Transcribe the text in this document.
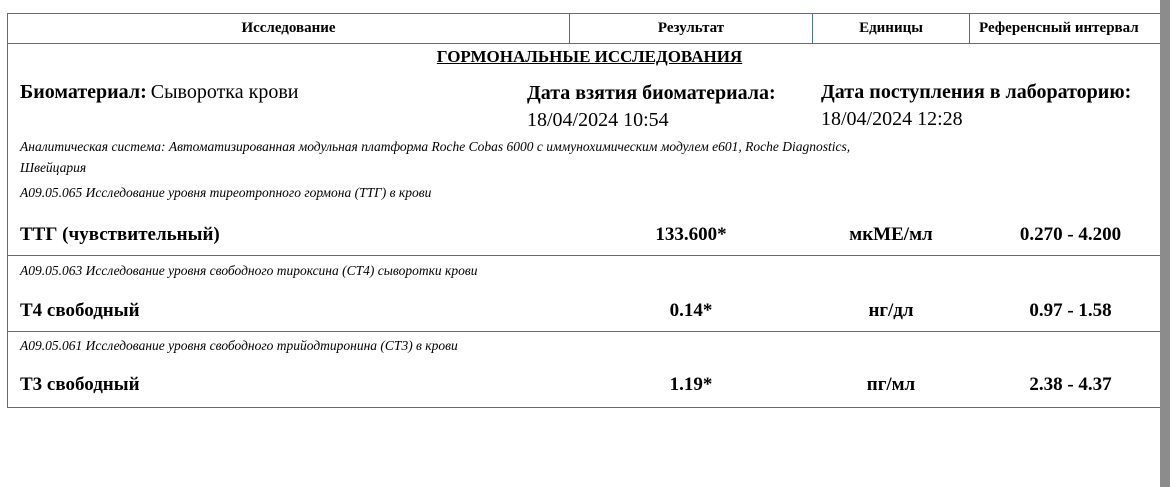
Исследование	Результат	Единицы	Референсный интервал
ГОРМОНАЛЬНЫЕ ИССЛЕДОВАНИЯ
Биоматериал: Сыворотка крови	Дата взятия биоматериала:
18/04/2024 10:54
Дата поступления в лабораторию:
18/04/2024 12:28
Аналитическая система: Автоматизированная модульная платформа Roche Cobas 6000 с иммунохимическим модулем e601, Roche Diagnostics,
Швейцария
A09.05.065 Исследование уровня тиреотропного гормона (ТТГ) в крови
ТТГ (чувствительный)	133.600*	мкМЕ/мл	0.270 - 4.200
A09.05.063 Исследование уровня свободного тироксина (СТ4) сыворотки крови
Т4 свободный	0.14*	нг/дл	0.97 - 1.58
A09.05.061 Исследование уровня свободного трийодтиронина (СТ3) в крови
Т3 свободный	1.19*	пг/мл	2.38 - 4.37
